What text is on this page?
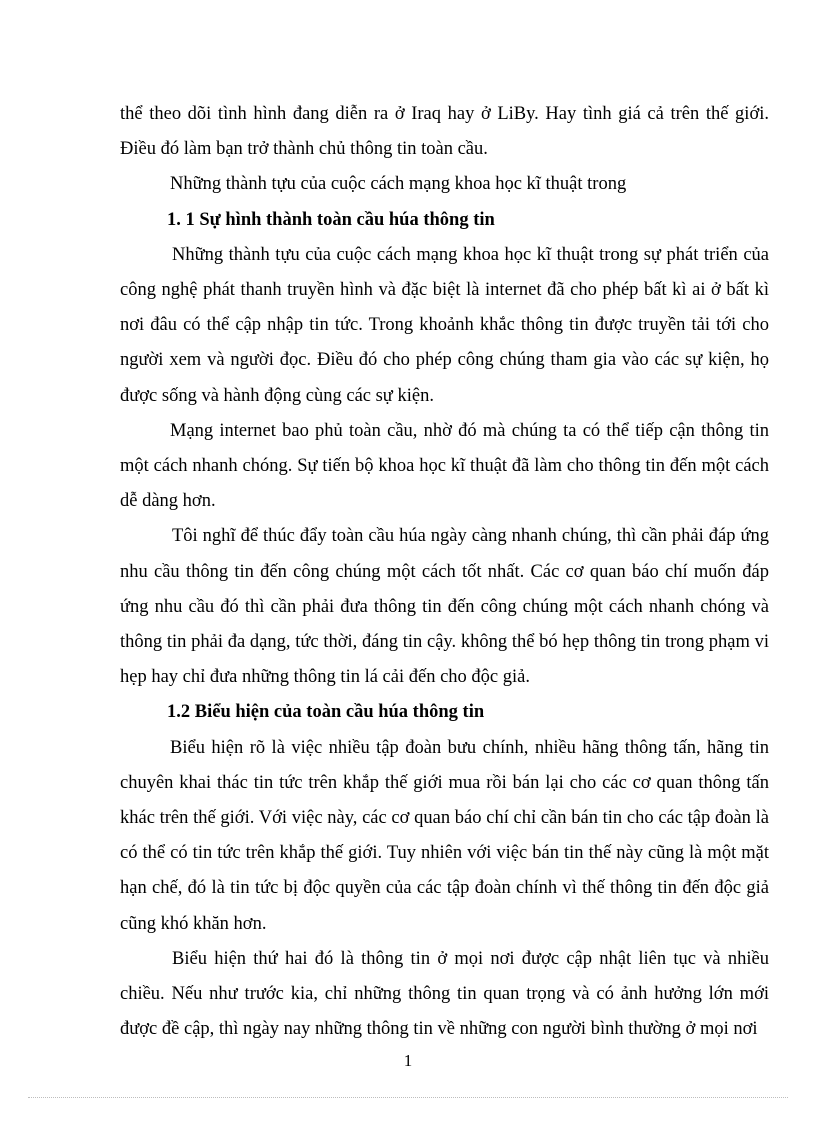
thể theo dõi tình hình đang diễn ra ở Iraq hay ở LiBy. Hay tình giá cả trên thế giới. Điều đó làm bạn trở thành chủ thông tin toàn cầu.

Những thành tựu của cuộc cách mạng khoa học kĩ thuật trong

1. 1 Sự hình thành toàn cầu húa thông tin

Những thành tựu của cuộc cách mạng khoa học kĩ thuật trong sự phát triển của công nghệ phát thanh truyền hình và đặc biệt là internet đã cho phép bất kì ai ở bất kì nơi đâu có thể cập nhập tin tức. Trong khoảnh khắc thông tin được truyền tải tới cho người xem và người đọc. Điều đó cho phép công chúng tham gia vào các sự kiện, họ được sống và hành động cùng các sự kiện.

Mạng internet bao phủ toàn cầu, nhờ đó mà chúng ta có thể tiếp cận thông tin một cách nhanh chóng. Sự tiến bộ khoa học kĩ thuật đã làm cho thông tin đến một cách dễ dàng hơn.

Tôi nghĩ để thúc đẩy toàn cầu húa ngày càng nhanh chúng, thì cần phải đáp ứng nhu cầu thông tin đến công chúng một cách tốt nhất. Các cơ quan báo chí muốn đáp ứng nhu cầu đó thì cần phải đưa thông tin đến công chúng một cách nhanh chóng và thông tin phải đa dạng, tức thời, đáng tin cậy. không thể bó hẹp thông tin trong phạm vi hẹp hay chỉ đưa những thông tin lá cải đến cho độc giả.

1.2 Biểu hiện của toàn cầu húa thông tin

Biểu hiện rõ là việc nhiều tập đoàn bưu chính, nhiều hãng thông tấn, hãng tin chuyên khai thác tin tức trên khắp thế giới mua rồi bán lại cho các cơ quan thông tấn khác trên thế giới. Với việc này, các cơ quan báo chí chỉ cần bán tin cho các tập đoàn là có thể có tin tức trên khắp thế giới. Tuy nhiên với việc bán tin thế này cũng là một mặt hạn chế, đó là tin tức bị độc quyền của các tập đoàn chính vì thế thông tin đến độc giả cũng khó khăn hơn.

Biểu hiện thứ hai đó là thông tin ở mọi nơi được cập nhật liên tục và nhiều chiều. Nếu như trước kia, chỉ những thông tin quan trọng và có ảnh hưởng lớn mới được đề cập, thì ngày nay những thông tin về những con người bình thường ở mọi nơi

1
